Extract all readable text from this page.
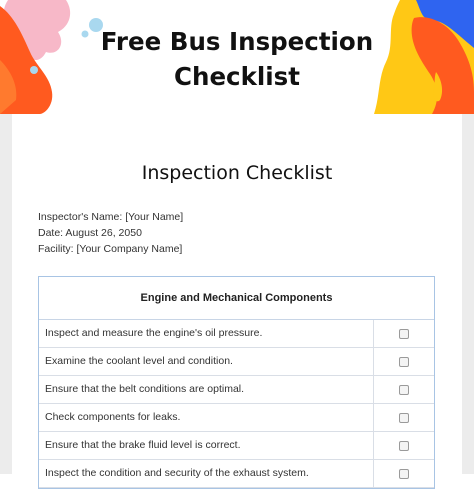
Free Bus Inspection
Checklist
Inspection Checklist
Inspector's Name: [Your Name]
Date: August 26, 2050
Facility: [Your Company Name]
Engine and Mechanical Components
Inspect and measure the engine's oil pressure.
Examine the coolant level and condition.
Ensure that the belt conditions are optimal.
Check components for leaks.
Ensure that the brake fluid level is correct.
Inspect the condition and security of the exhaust system.
